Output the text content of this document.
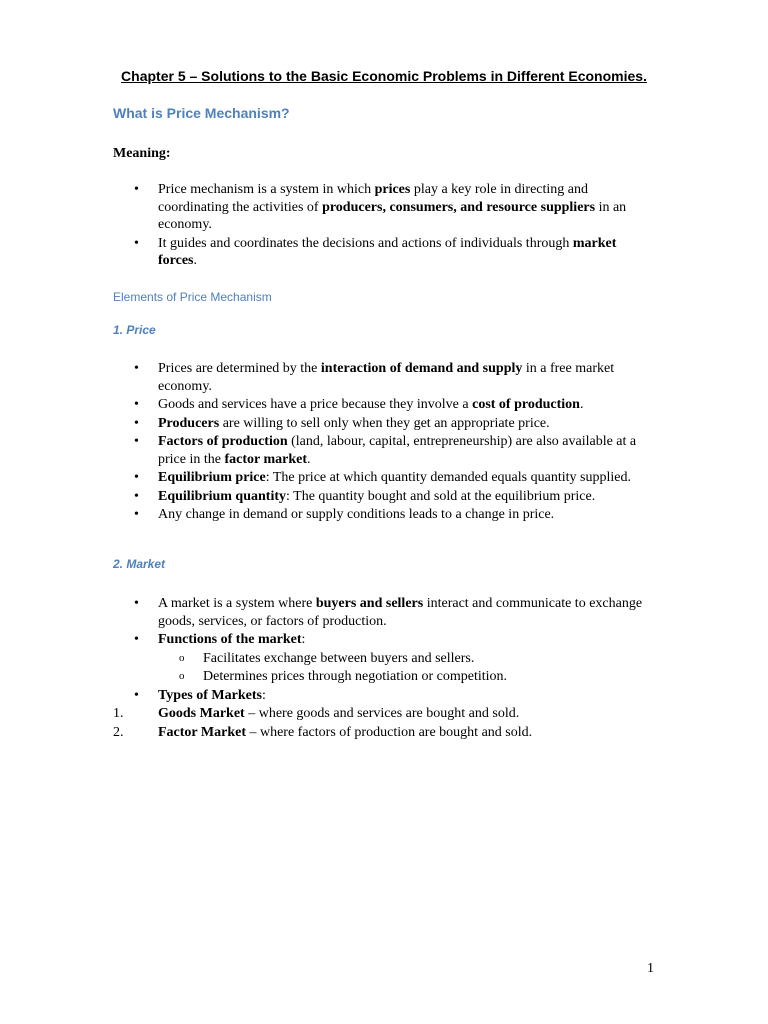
Chapter 5 – Solutions to the Basic Economic Problems in Different Economies.
What is Price Mechanism?
Meaning:
•	Price mechanism is a system in which prices play a key role in directing and coordinating the activities of producers, consumers, and resource suppliers in an economy.
•	It guides and coordinates the decisions and actions of individuals through market forces.
Elements of Price Mechanism
1. Price
•	Prices are determined by the interaction of demand and supply in a free market economy.
•	Goods and services have a price because they involve a cost of production.
•	Producers are willing to sell only when they get an appropriate price.
•	Factors of production (land, labour, capital, entrepreneurship) are also available at a price in the factor market.
•	Equilibrium price: The price at which quantity demanded equals quantity supplied.
•	Equilibrium quantity: The quantity bought and sold at the equilibrium price.
•	Any change in demand or supply conditions leads to a change in price.
2. Market
•	A market is a system where buyers and sellers interact and communicate to exchange goods, services, or factors of production.
•	Functions of the market:
o	Facilitates exchange between buyers and sellers.
o	Determines prices through negotiation or competition.
•	Types of Markets:
1.	Goods Market – where goods and services are bought and sold.
2.	Factor Market – where factors of production are bought and sold.
1
